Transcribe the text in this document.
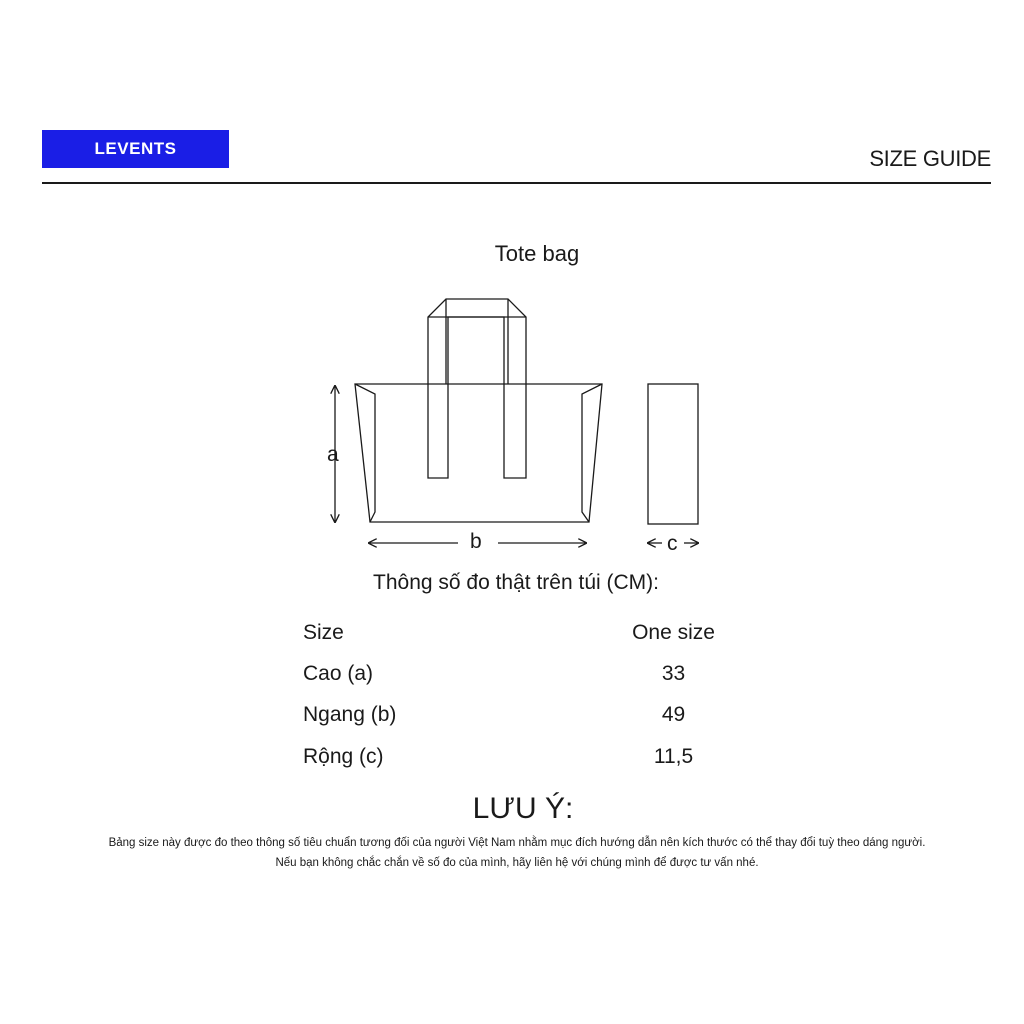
LEVENTS	SIZE GUIDE
Tote bag
a
b	c
Thông số đo thật trên túi (CM):
Size	One size
Cao (a)	33
Ngang (b)	49
Rộng (c)	11,5
LƯU Ý:
Bảng size này được đo theo thông số tiêu chuẩn tương đối của người Việt Nam nhằm mục đích hướng dẫn nên kích thước có thể thay đổi tuỳ theo dáng người.
Nếu bạn không chắc chắn về số đo của mình, hãy liên hệ với chúng mình để được tư vấn nhé.
